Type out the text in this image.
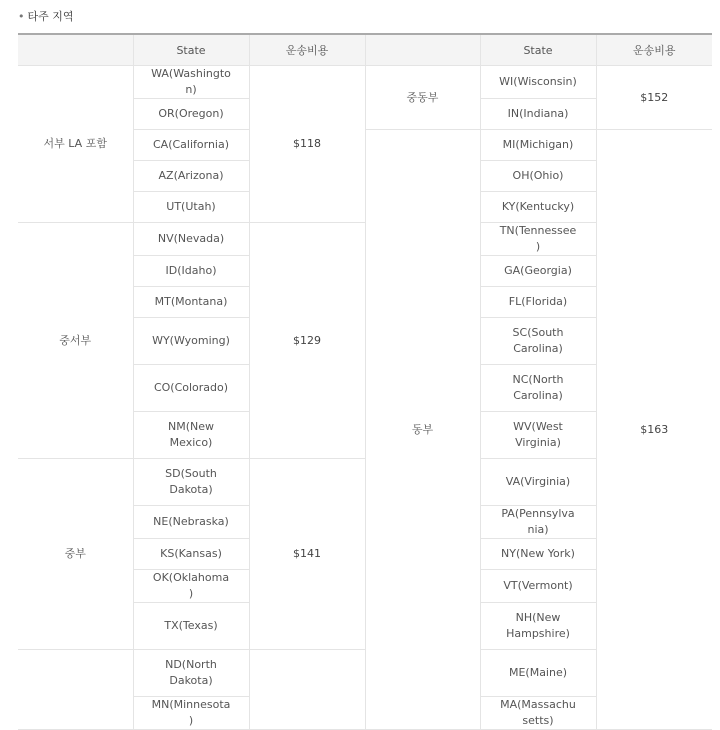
• 타주 지역
	State	운송비용		State	운송비용
서부 LA 포함	WA(Washington)	$118	중동부	WI(Wisconsin)	$152
	OR(Oregon)			IN(Indiana)	
	CA(California)		동부	MI(Michigan)	$163
	AZ(Arizona)			OH(Ohio)	
	UT(Utah)			KY(Kentucky)	
중서부	NV(Nevada)	$129		TN(Tennessee)	
	ID(Idaho)			GA(Georgia)	
	MT(Montana)			FL(Florida)	
	WY(Wyoming)			SC(South Carolina)	
	CO(Colorado)			NC(North Carolina)	
	NM(New Mexico)			WV(West Virginia)	
중부	SD(South Dakota)	$141		VA(Virginia)	
	NE(Nebraska)			PA(Pennsylvania)	
	KS(Kansas)			NY(New York)	
	OK(Oklahoma)			VT(Vermont)	
	TX(Texas)			NH(New Hampshire)	
	ND(North Dakota)			ME(Maine)	
	MN(Minnesota)			MA(Massachusetts)	
